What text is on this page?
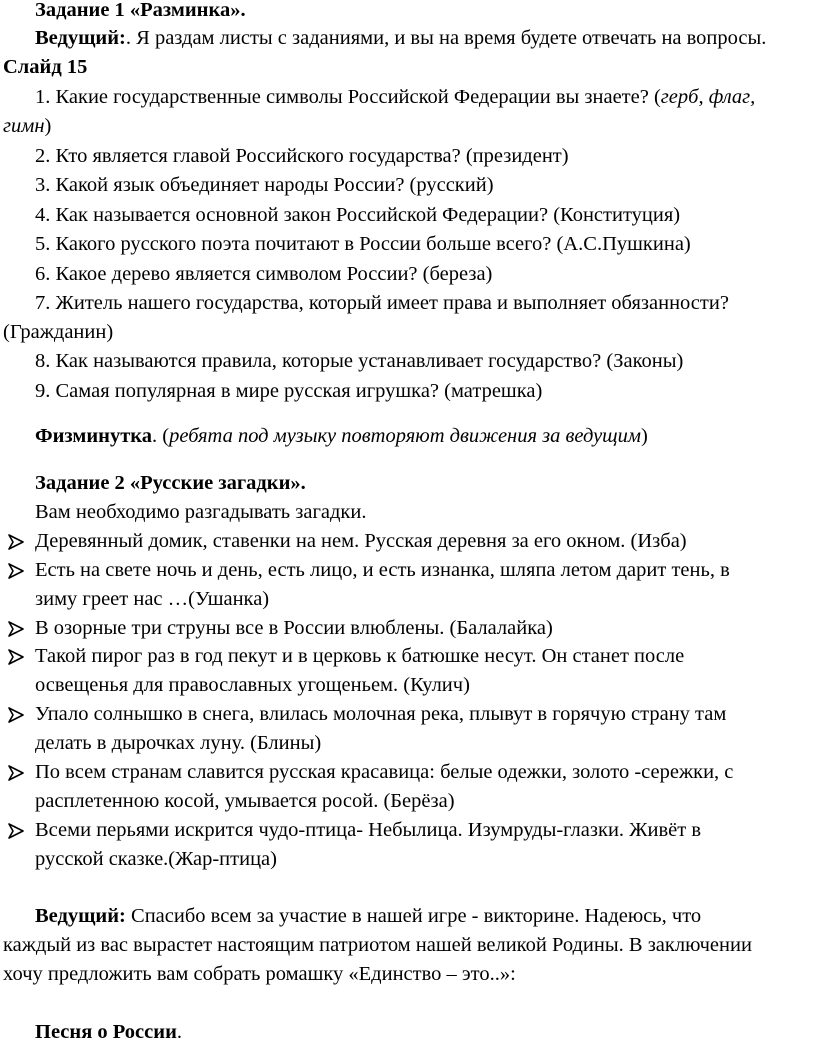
Задание 1 «Разминка».
Ведущий:. Я раздам листы с заданиями, и вы на время будете отвечать на вопросы.
Слайд 15
1. Какие государственные символы Российской Федерации вы знаете? (герб, флаг,
гимн)
2. Кто является главой Российского государства? (президент)
3. Какой язык объединяет народы России? (русский)
4. Как называется основной закон Российской Федерации? (Конституция)
5. Какого русского поэта почитают в России больше всего? (А.С.Пушкина)
6. Какое дерево является символом России? (береза)
7. Житель нашего государства, который имеет права и выполняет обязанности?
(Гражданин)
8. Как называются правила, которые устанавливает государство? (Законы)
9. Самая популярная в мире русская игрушка? (матрешка)
Физминутка. (ребята под музыку повторяют движения за ведущим)
Задание 2 «Русские загадки».
Вам необходимо разгадывать загадки.
Деревянный домик, ставенки на нем. Русская деревня за его окном. (Изба)
Есть на свете ночь и день, есть лицо, и есть изнанка, шляпа летом дарит тень, в
зиму греет нас …(Ушанка)
В озорные три струны все в России влюблены. (Балалайка)
Такой пирог раз в год пекут и в церковь к батюшке несут. Он станет после
освещенья для православных угощеньем. (Кулич)
Упало солнышко в снега, влилась молочная река, плывут в горячую страну там
делать в дырочках луну. (Блины)
По всем странам славится русская красавица: белые одежки, золото -сережки, с
расплетенною косой, умывается росой. (Берёза)
Всеми перьями искрится чудо-птица- Небылица. Изумруды-глазки. Живёт в
русской сказке.(Жар-птица)
Ведущий: Спасибо всем за участие в нашей игре - викторине. Надеюсь, что
каждый из вас вырастет настоящим патриотом нашей великой Родины. В заключении
хочу предложить вам собрать ромашку «Единство – это..»:
Песня о России.
